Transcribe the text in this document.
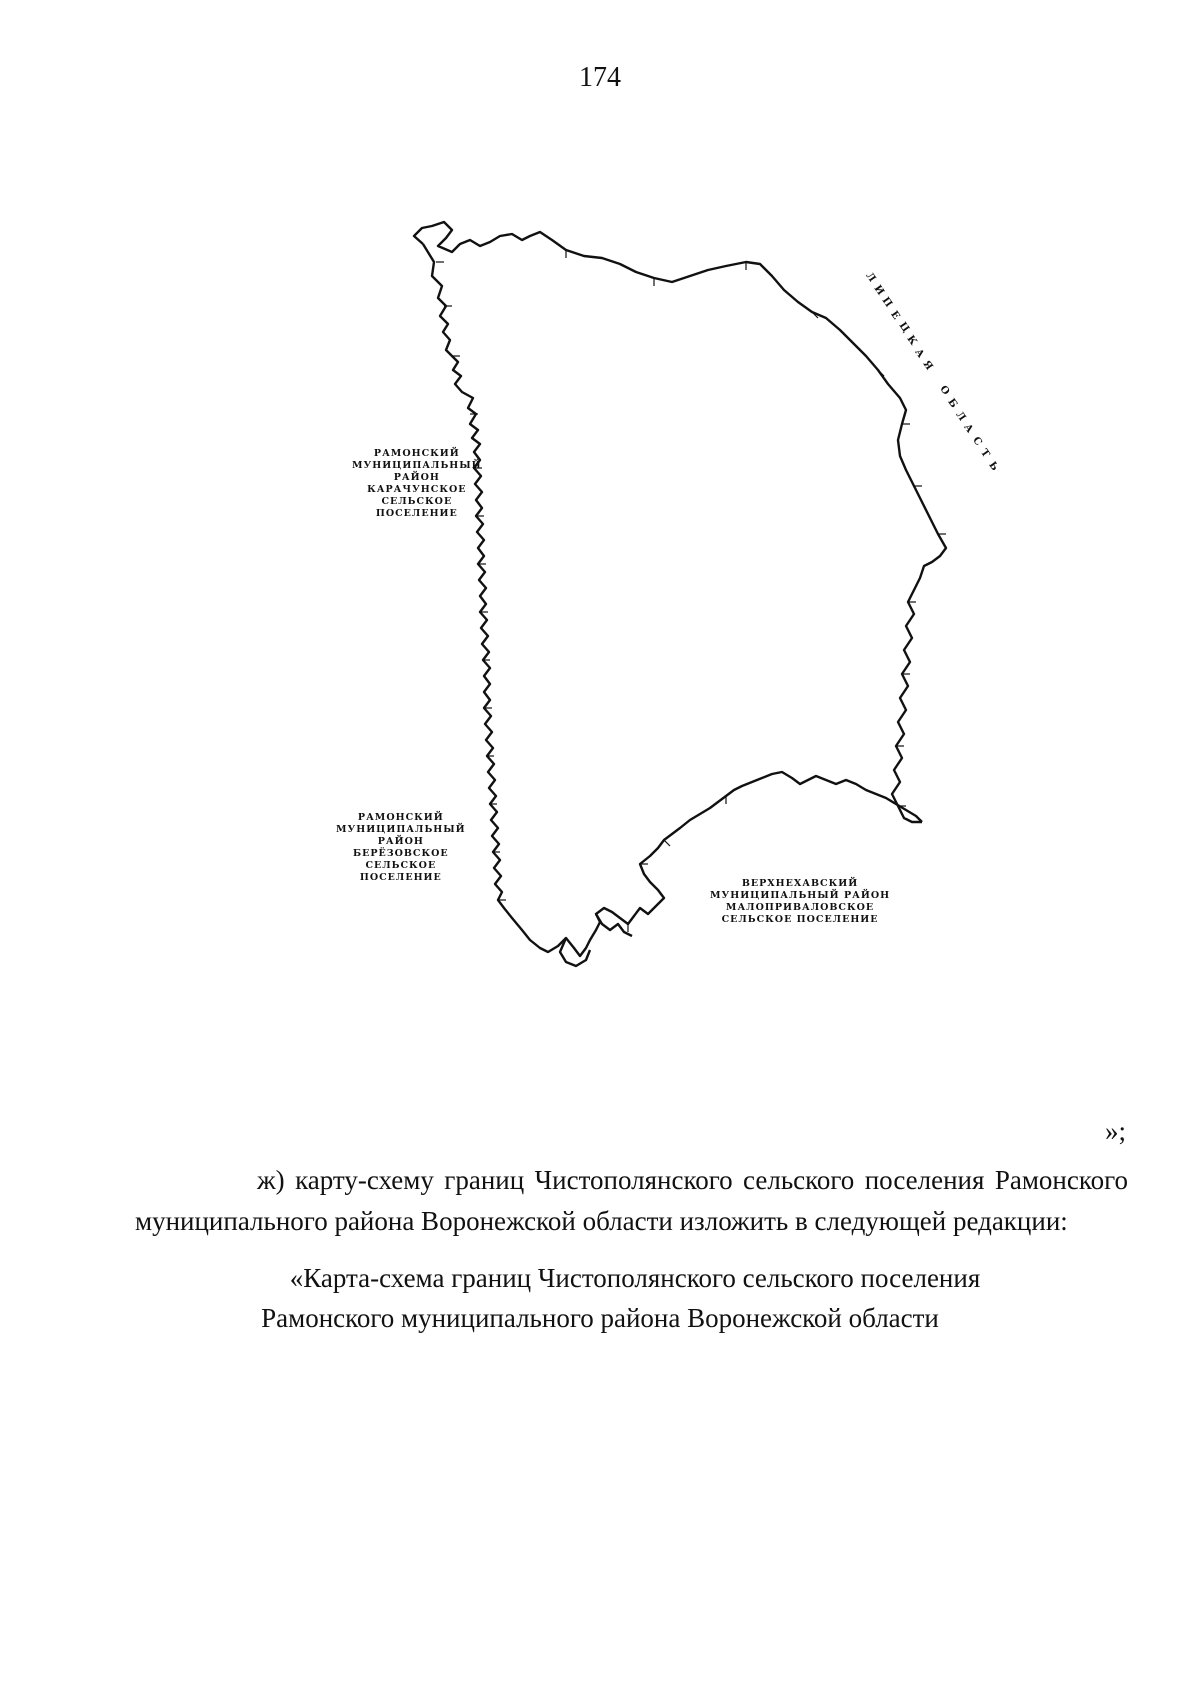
174
Л
И
П
Е
Ц
К
А
Я
О
Б
Л
А
С
Т
Ь
РАМОНСКИЙ
МУНИЦИПАЛЬНЫЙ
РАЙОН
КАРАЧУНСКОЕ
СЕЛЬСКОЕ
ПОСЕЛЕНИЕ
РАМОНСКИЙ
МУНИЦИПАЛЬНЫЙ
РАЙОН
БЕРЁЗОВСКОЕ
СЕЛЬСКОЕ
ПОСЕЛЕНИЕ
ВЕРХНЕХАВСКИЙ
МУНИЦИПАЛЬНЫЙ РАЙОН
МАЛОПРИВАЛОВСКОЕ
СЕЛЬСКОЕ ПОСЕЛЕНИЕ
»;

ж) карту-схему границ Чистополянского сельского поселения Рамонского муниципального района Воронежской области изложить в следующей редакции:

«Карта-схема границ Чистополянского сельского поселения
Рамонского муниципального района Воронежской области
